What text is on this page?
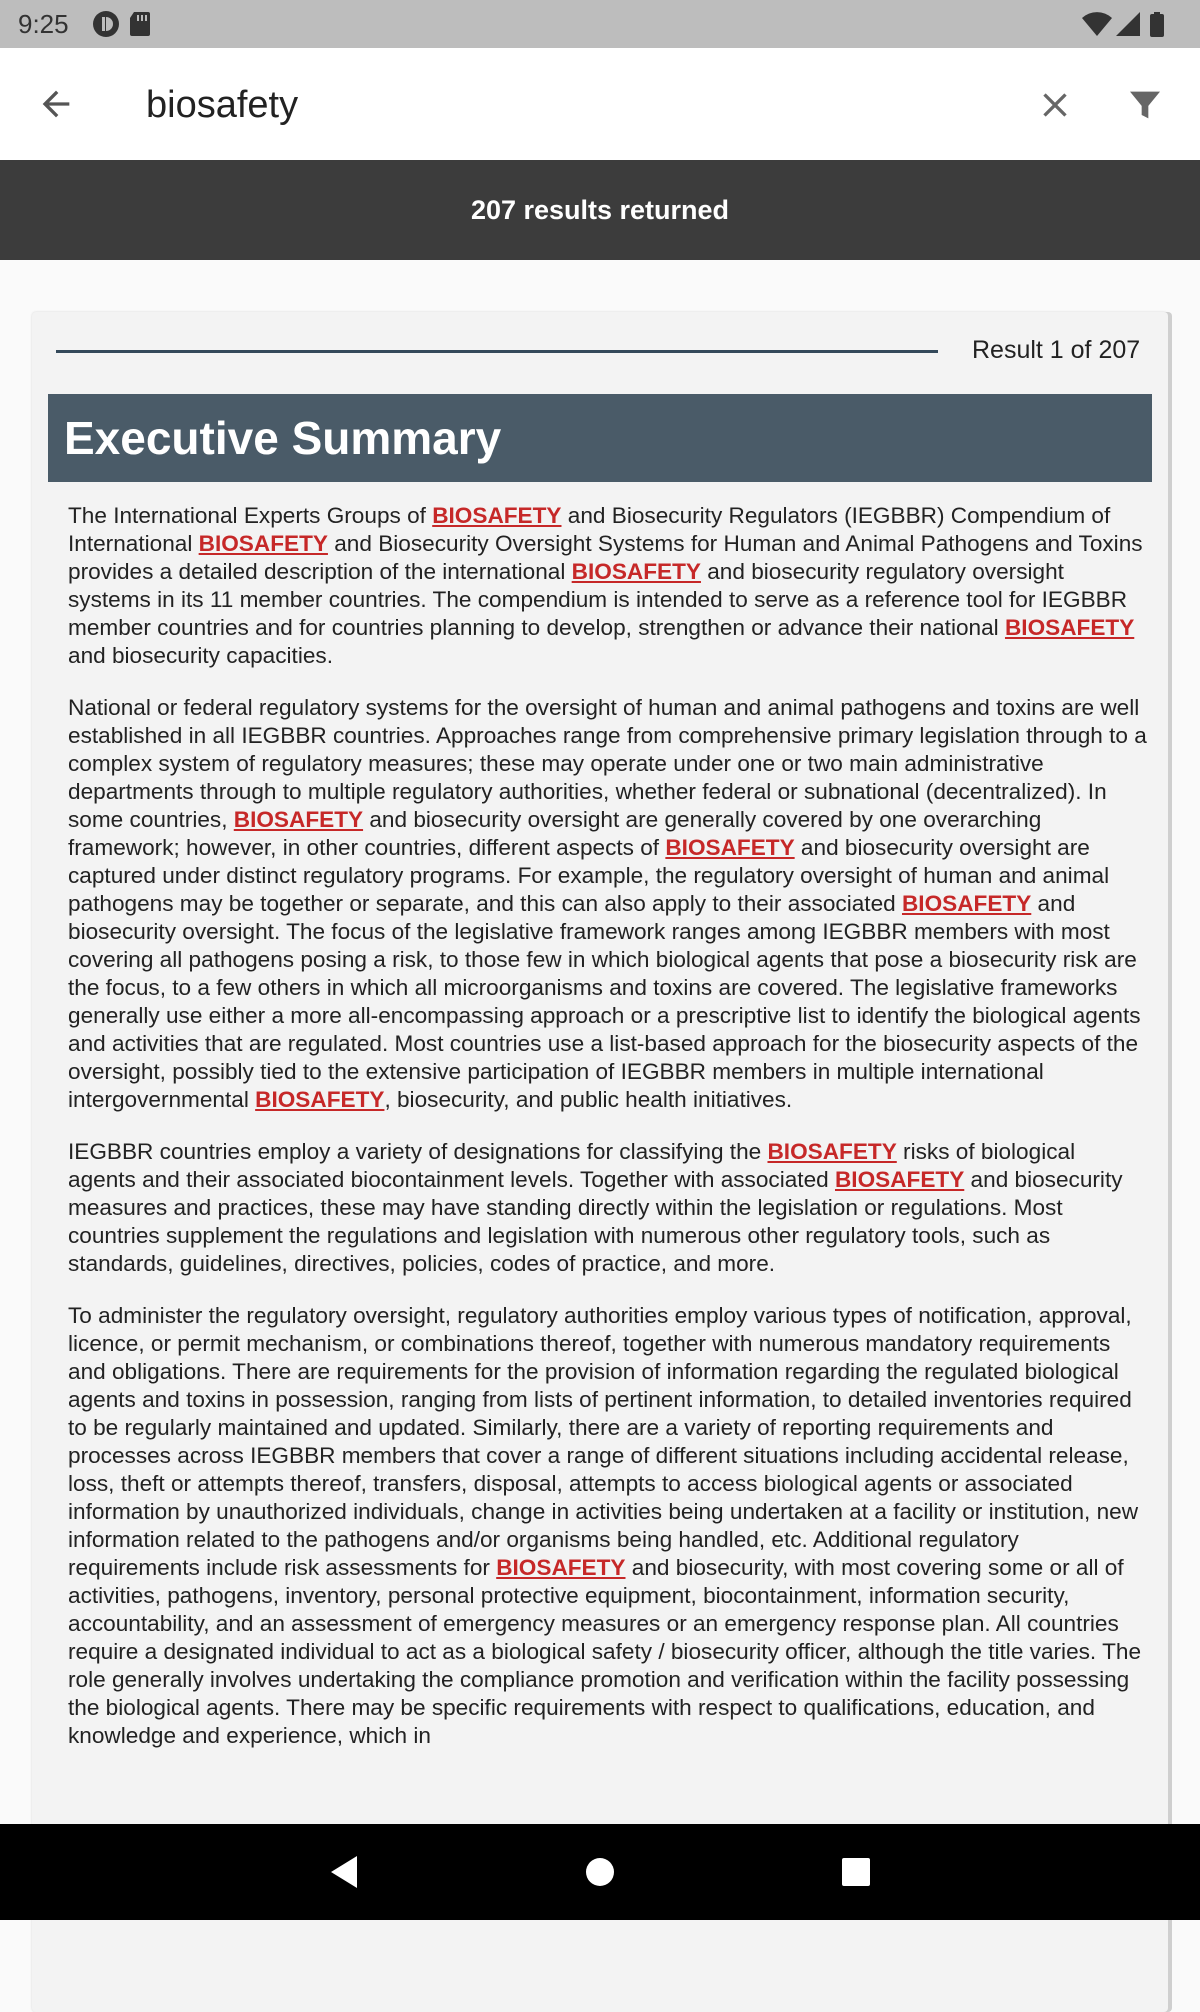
9:25
biosafety
207 results returned
Result 1 of 207
Executive Summary

The International Experts Groups of BIOSAFETY and Biosecurity Regulators (IEGBBR) Compendium of International BIOSAFETY and Biosecurity Oversight Systems for Human and Animal Pathogens and Toxins provides a detailed description of the international BIOSAFETY and biosecurity regulatory oversight systems in its 11 member countries. The compendium is intended to serve as a reference tool for IEGBBR member countries and for countries planning to develop, strengthen or advance their national BIOSAFETY and biosecurity capacities.

National or federal regulatory systems for the oversight of human and animal pathogens and toxins are well established in all IEGBBR countries. Approaches range from comprehensive primary legislation through to a complex system of regulatory measures; these may operate under one or two main administrative departments through to multiple regulatory authorities, whether federal or subnational (decentralized). In some countries, BIOSAFETY and biosecurity oversight are generally covered by one overarching framework; however, in other countries, different aspects of BIOSAFETY and biosecurity oversight are captured under distinct regulatory programs. For example, the regulatory oversight of human and animal pathogens may be together or separate, and this can also apply to their associated BIOSAFETY and biosecurity oversight. The focus of the legislative framework ranges among IEGBBR members with most covering all pathogens posing a risk, to those few in which biological agents that pose a biosecurity risk are the focus, to a few others in which all microorganisms and toxins are covered. The legislative frameworks generally use either a more all-encompassing approach or a prescriptive list to identify the biological agents and activities that are regulated. Most countries use a list-based approach for the biosecurity aspects of the oversight, possibly tied to the extensive participation of IEGBBR members in multiple international intergovernmental BIOSAFETY, biosecurity, and public health initiatives.

IEGBBR countries employ a variety of designations for classifying the BIOSAFETY risks of biological agents and their associated biocontainment levels. Together with associated BIOSAFETY and biosecurity measures and practices, these may have standing directly within the legislation or regulations. Most countries supplement the regulations and legislation with numerous other regulatory tools, such as standards, guidelines, directives, policies, codes of practice, and more.

To administer the regulatory oversight, regulatory authorities employ various types of notification, approval, licence, or permit mechanism, or combinations thereof, together with numerous mandatory requirements and obligations. There are requirements for the provision of information regarding the regulated biological agents and toxins in possession, ranging from lists of pertinent information, to detailed inventories required to be regularly maintained and updated. Similarly, there are a variety of reporting requirements and processes across IEGBBR members that cover a range of different situations including accidental release, loss, theft or attempts thereof, transfers, disposal, attempts to access biological agents or associated information by unauthorized individuals, change in activities being undertaken at a facility or institution, new information related to the pathogens and/or organisms being handled, etc. Additional regulatory requirements include risk assessments for BIOSAFETY and biosecurity, with most covering some or all of activities, pathogens, inventory, personal protective equipment, biocontainment, information security, accountability, and an assessment of emergency measures or an emergency response plan. All countries require a designated individual to act as a biological safety / biosecurity officer, although the title varies. The role generally involves undertaking the compliance promotion and verification within the facility possessing the biological agents. There may be specific requirements with respect to qualifications, education, and knowledge and experience, which in
